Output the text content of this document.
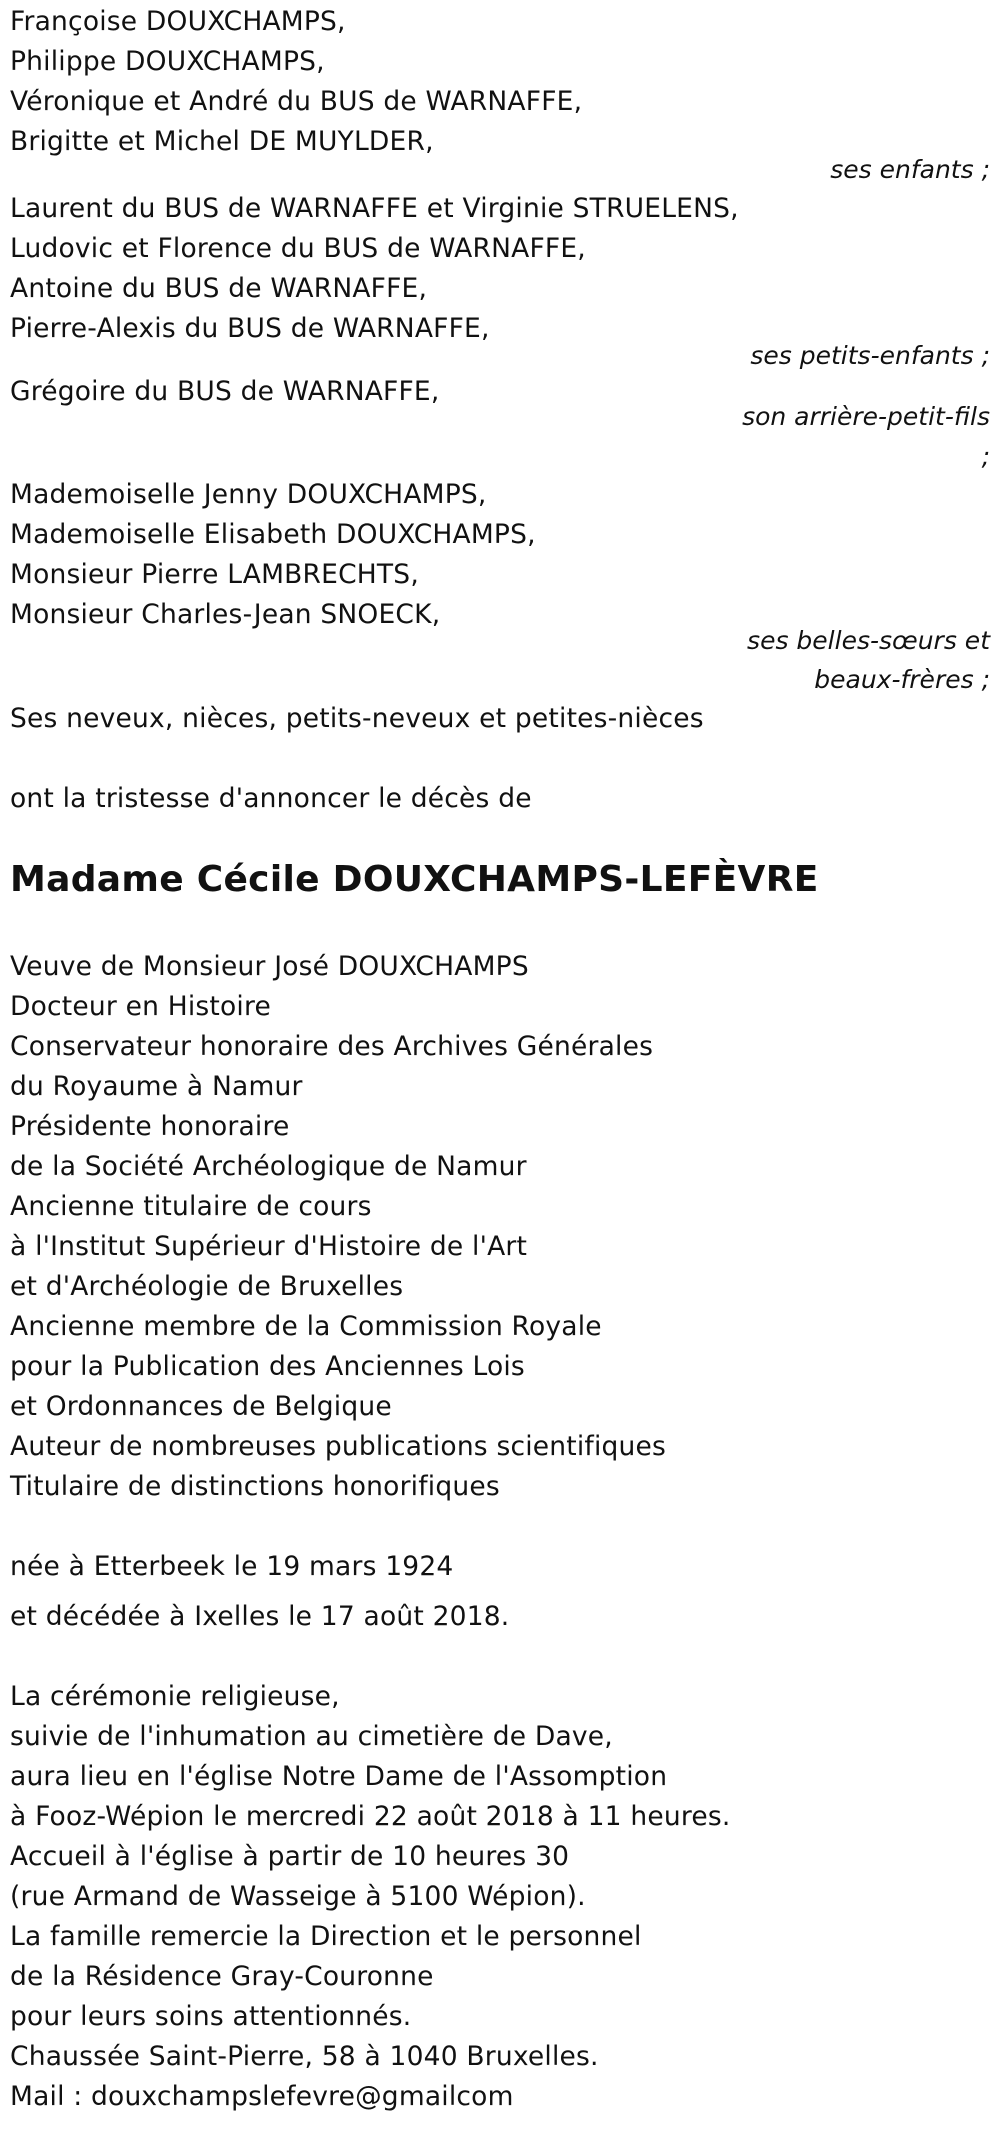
Françoise DOUXCHAMPS,
Philippe DOUXCHAMPS,
Véronique et André du BUS de WARNAFFE,
Brigitte et Michel DE MUYLDER,
ses enfants ;
Laurent du BUS de WARNAFFE et Virginie STRUELENS,
Ludovic et Florence du BUS de WARNAFFE,
Antoine du BUS de WARNAFFE,
Pierre-Alexis du BUS de WARNAFFE,
ses petits-enfants ;
Grégoire du BUS de WARNAFFE,
son arrière-petit-fils
;
Mademoiselle Jenny DOUXCHAMPS,
Mademoiselle Elisabeth DOUXCHAMPS,
Monsieur Pierre LAMBRECHTS,
Monsieur Charles-Jean SNOECK,
ses belles-sœurs et
beaux-frères ;
Ses neveux, nièces, petits-neveux et petites-nièces
ont la tristesse d'annoncer le décès de
Madame Cécile DOUXCHAMPS-LEFÈVRE
Veuve de Monsieur José DOUXCHAMPS
Docteur en Histoire
Conservateur honoraire des Archives Générales
du Royaume à Namur
Présidente honoraire
de la Société Archéologique de Namur
Ancienne titulaire de cours
à l'Institut Supérieur d'Histoire de l'Art
et d'Archéologie de Bruxelles
Ancienne membre de la Commission Royale
pour la Publication des Anciennes Lois
et Ordonnances de Belgique
Auteur de nombreuses publications scientifiques
Titulaire de distinctions honorifiques
née à Etterbeek le 19 mars 1924
et décédée à Ixelles le 17 août 2018.
La cérémonie religieuse,
suivie de l'inhumation au cimetière de Dave,
aura lieu en l'église Notre Dame de l'Assomption
à Fooz-Wépion le mercredi 22 août 2018 à 11 heures.
Accueil à l'église à partir de 10 heures 30
(rue Armand de Wasseige à 5100 Wépion).
La famille remercie la Direction et le personnel
de la Résidence Gray-Couronne
pour leurs soins attentionnés.
Chaussée Saint-Pierre, 58 à 1040 Bruxelles.
Mail : douxchampslefevre@gmailcom
